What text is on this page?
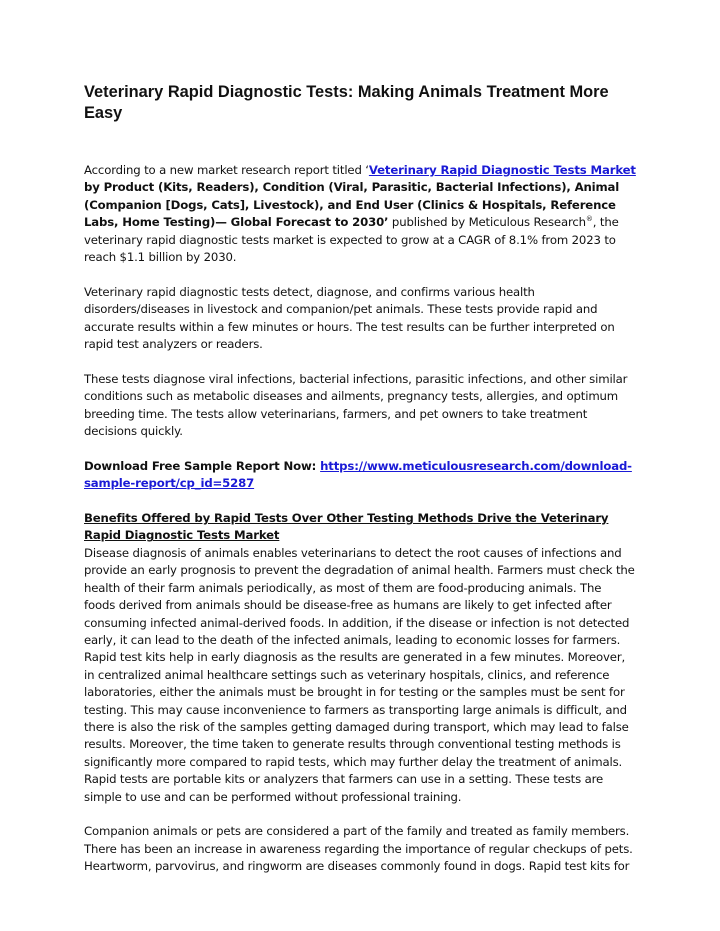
Veterinary Rapid Diagnostic Tests: Making Animals Treatment More Easy

According to a new market research report titled ‘Veterinary Rapid Diagnostic Tests Market by Product (Kits, Readers), Condition (Viral, Parasitic, Bacterial Infections), Animal (Companion [Dogs, Cats], Livestock), and End User (Clinics & Hospitals, Reference Labs, Home Testing)— Global Forecast to 2030’ published by Meticulous Research®, the veterinary rapid diagnostic tests market is expected to grow at a CAGR of 8.1% from 2023 to reach $1.1 billion by 2030.

Veterinary rapid diagnostic tests detect, diagnose, and confirms various health disorders/diseases in livestock and companion/pet animals. These tests provide rapid and accurate results within a few minutes or hours. The test results can be further interpreted on rapid test analyzers or readers.

These tests diagnose viral infections, bacterial infections, parasitic infections, and other similar conditions such as metabolic diseases and ailments, pregnancy tests, allergies, and optimum breeding time. The tests allow veterinarians, farmers, and pet owners to take treatment decisions quickly.

Download Free Sample Report Now: https://www.meticulousresearch.com/download-sample-report/cp_id=5287

Benefits Offered by Rapid Tests Over Other Testing Methods Drive the Veterinary Rapid Diagnostic Tests Market

Disease diagnosis of animals enables veterinarians to detect the root causes of infections and provide an early prognosis to prevent the degradation of animal health. Farmers must check the health of their farm animals periodically, as most of them are food-producing animals. The foods derived from animals should be disease-free as humans are likely to get infected after consuming infected animal-derived foods. In addition, if the disease or infection is not detected early, it can lead to the death of the infected animals, leading to economic losses for farmers. Rapid test kits help in early diagnosis as the results are generated in a few minutes. Moreover, in centralized animal healthcare settings such as veterinary hospitals, clinics, and reference laboratories, either the animals must be brought in for testing or the samples must be sent for testing. This may cause inconvenience to farmers as transporting large animals is difficult, and there is also the risk of the samples getting damaged during transport, which may lead to false results. Moreover, the time taken to generate results through conventional testing methods is significantly more compared to rapid tests, which may further delay the treatment of animals. Rapid tests are portable kits or analyzers that farmers can use in a setting. These tests are simple to use and can be performed without professional training.

Companion animals or pets are considered a part of the family and treated as family members. There has been an increase in awareness regarding the importance of regular checkups of pets. Heartworm, parvovirus, and ringworm are diseases commonly found in dogs. Rapid test kits for
